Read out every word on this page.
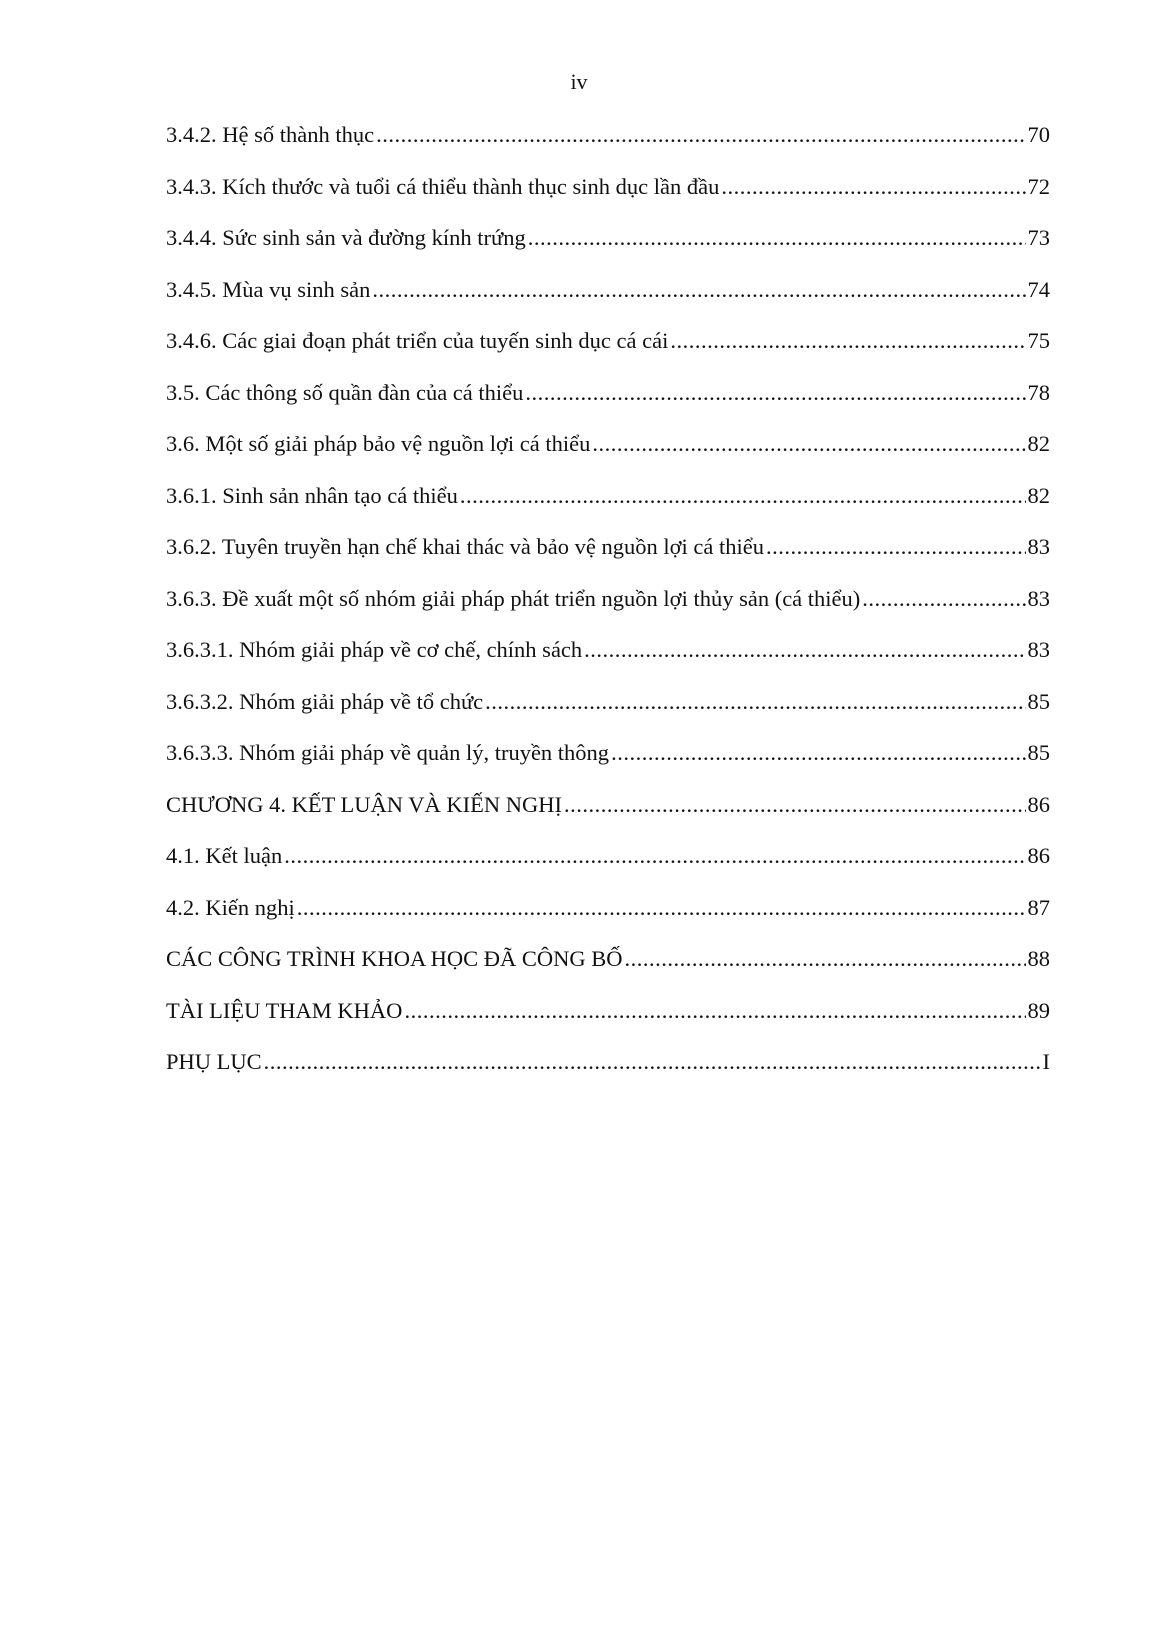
iv
3.4.2. Hệ số thành thục .....	70
3.4.3. Kích thước và tuổi cá thiểu thành thục sinh dục lần đầu .....	72
3.4.4. Sức sinh sản và đường kính trứng .....	73
3.4.5. Mùa vụ sinh sản .....	74
3.4.6. Các giai đoạn phát triển của tuyến sinh dục cá cái .....	75
3.5. Các thông số quần đàn của cá thiểu .....	78
3.6. Một số giải pháp bảo vệ nguồn lợi cá thiểu .....	82
3.6.1. Sinh sản nhân tạo cá thiểu .....	82
3.6.2. Tuyên truyền hạn chế khai thác và bảo vệ nguồn lợi cá thiểu .....	83
3.6.3. Đề xuất một số nhóm giải pháp phát triển nguồn lợi thủy sản (cá thiểu) .....	83
3.6.3.1. Nhóm giải pháp về cơ chế, chính sách .....	83
3.6.3.2. Nhóm giải pháp về tổ chức .....	85
3.6.3.3. Nhóm giải pháp về quản lý, truyền thông .....	85
CHƯƠNG 4. KẾT LUẬN VÀ KIẾN NGHỊ .....	86
4.1. Kết luận .....	86
4.2. Kiến nghị .....	87
CÁC CÔNG TRÌNH KHOA HỌC ĐÃ CÔNG BỐ .....	88
TÀI LIỆU THAM KHẢO .....	89
PHỤ LỤC .....	I
